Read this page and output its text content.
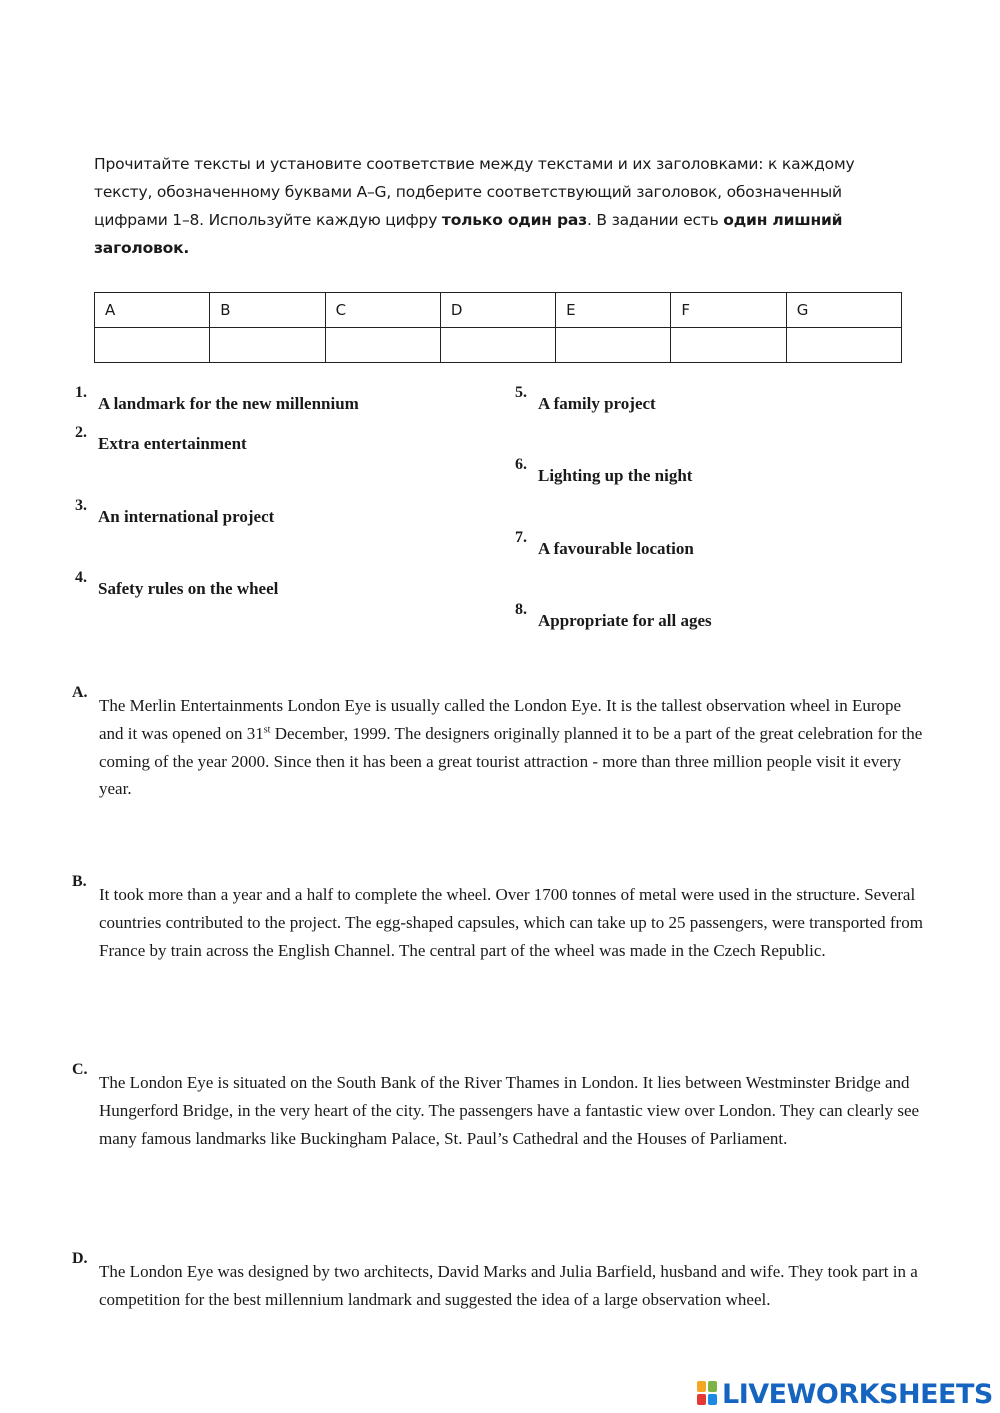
Прочитайте тексты и установите соответствие между текстами и их заголовками: к каждому тексту, обозначенному буквами A–G, подберите соответствующий заголовок, обозначенный цифрами 1–8. Используйте каждую цифру только один раз. В задании есть один лишний заголовок.
A	B	C	D	E	F	G

1.
A landmark for the new millennium
2.
Extra entertainment
3.
An international project
4.
Safety rules on the wheel
5.
A family project
6.
Lighting up the night
7.
A favourable location
8.
Appropriate for all ages
A.

The Merlin Entertainments London Eye is usually called the London Eye. It is the tallest observation wheel in Europe and it was opened on 31st December, 1999. The designers originally planned it to be a part of the great celebration for the coming of the year 2000. Since then it has been a great tourist attraction - more than three million people visit it every year.

B.

It took more than a year and a half to complete the wheel. Over 1700 tonnes of metal were used in the structure. Several countries contributed to the project. The egg-shaped capsules, which can take up to 25 passengers, were transported from France by train across the English Channel. The central part of the wheel was made in the Czech Republic.

C.

The London Eye is situated on the South Bank of the River Thames in London. It lies between Westminster Bridge and Hungerford Bridge, in the very heart of the city. The passengers have a fantastic view over London. They can clearly see many famous landmarks like Buckingham Palace, St. Paul’s Cathedral and the Houses of Parliament.

D.

The London Eye was designed by two architects, David Marks and Julia Barfield, husband and wife. They took part in a competition for the best millennium landmark and suggested the idea of a large observation wheel.

LIVEWORKSHEETS
